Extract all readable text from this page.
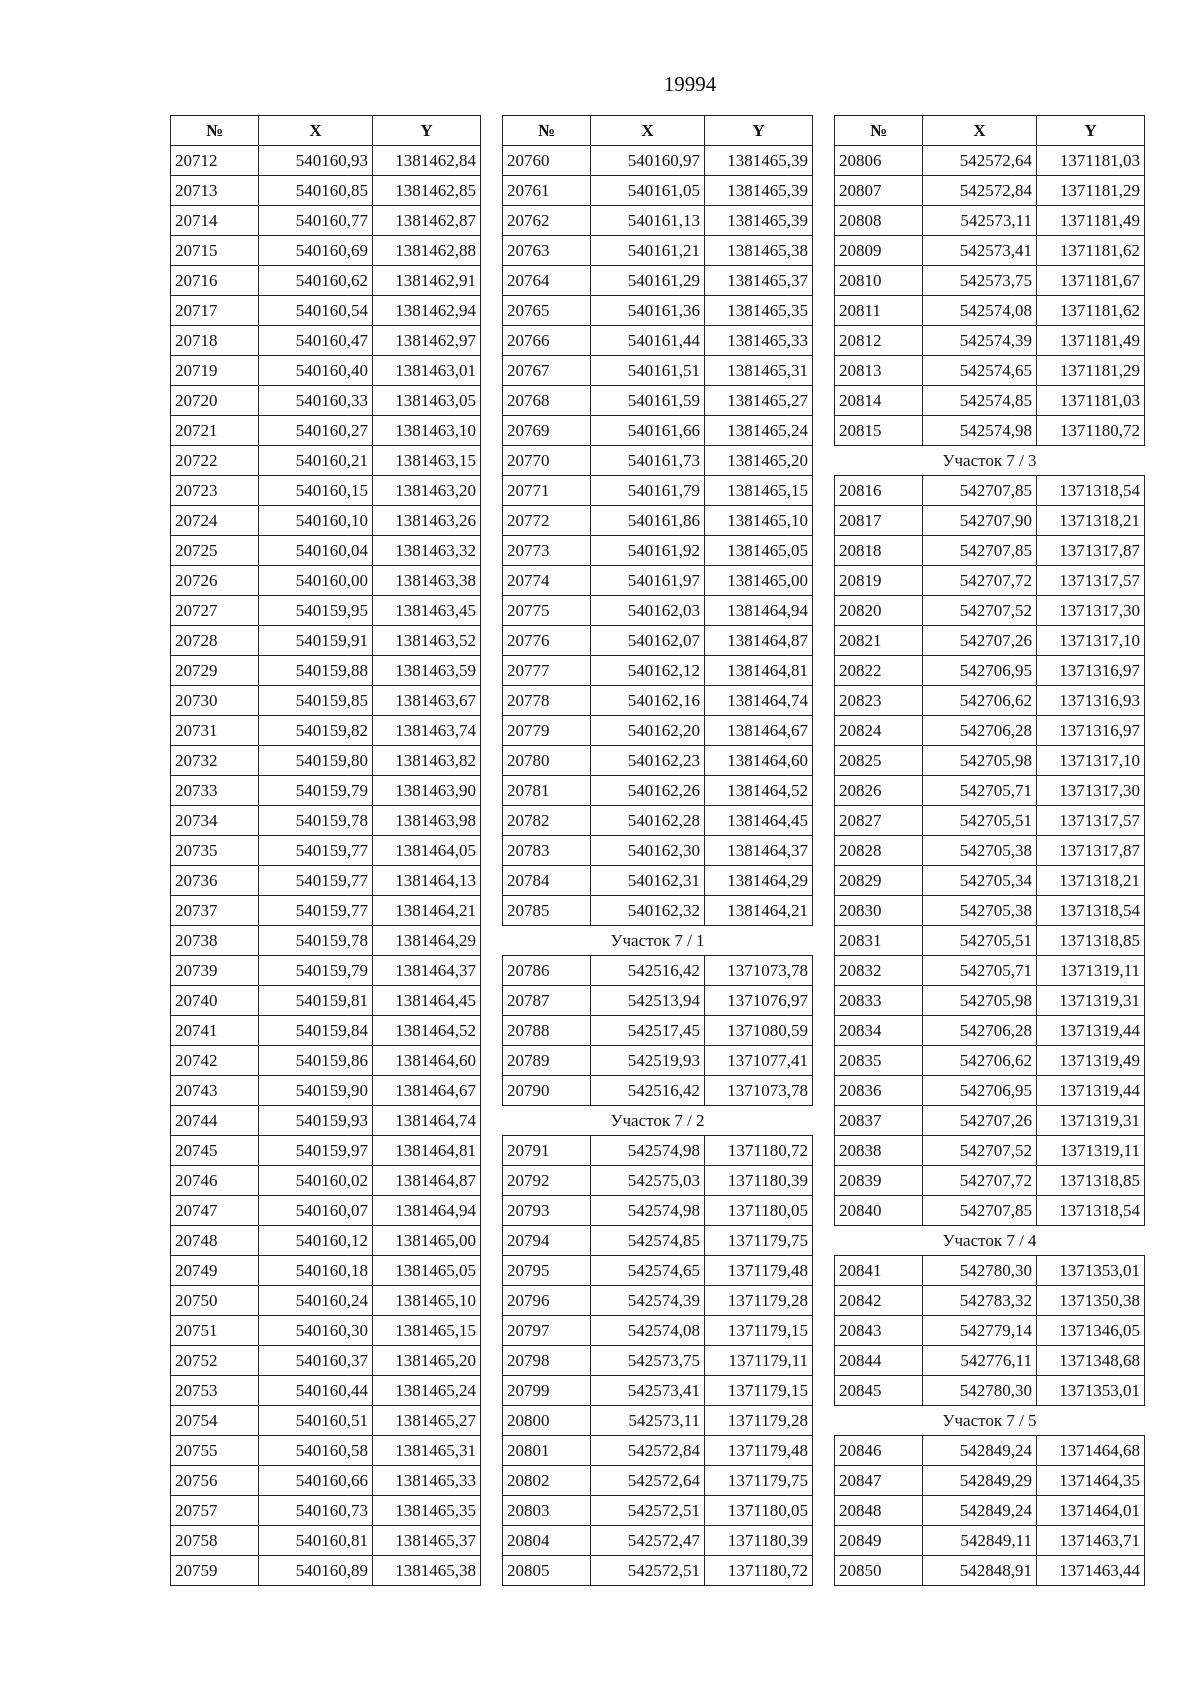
19994
№	X	Y
20712	540160,93	1381462,84
20713	540160,85	1381462,85
20714	540160,77	1381462,87
20715	540160,69	1381462,88
20716	540160,62	1381462,91
20717	540160,54	1381462,94
20718	540160,47	1381462,97
20719	540160,40	1381463,01
20720	540160,33	1381463,05
20721	540160,27	1381463,10
20722	540160,21	1381463,15
20723	540160,15	1381463,20
20724	540160,10	1381463,26
20725	540160,04	1381463,32
20726	540160,00	1381463,38
20727	540159,95	1381463,45
20728	540159,91	1381463,52
20729	540159,88	1381463,59
20730	540159,85	1381463,67
20731	540159,82	1381463,74
20732	540159,80	1381463,82
20733	540159,79	1381463,90
20734	540159,78	1381463,98
20735	540159,77	1381464,05
20736	540159,77	1381464,13
20737	540159,77	1381464,21
20738	540159,78	1381464,29
20739	540159,79	1381464,37
20740	540159,81	1381464,45
20741	540159,84	1381464,52
20742	540159,86	1381464,60
20743	540159,90	1381464,67
20744	540159,93	1381464,74
20745	540159,97	1381464,81
20746	540160,02	1381464,87
20747	540160,07	1381464,94
20748	540160,12	1381465,00
20749	540160,18	1381465,05
20750	540160,24	1381465,10
20751	540160,30	1381465,15
20752	540160,37	1381465,20
20753	540160,44	1381465,24
20754	540160,51	1381465,27
20755	540160,58	1381465,31
20756	540160,66	1381465,33
20757	540160,73	1381465,35
20758	540160,81	1381465,37
20759	540160,89	1381465,38
№	X	Y
20760	540160,97	1381465,39
20761	540161,05	1381465,39
20762	540161,13	1381465,39
20763	540161,21	1381465,38
20764	540161,29	1381465,37
20765	540161,36	1381465,35
20766	540161,44	1381465,33
20767	540161,51	1381465,31
20768	540161,59	1381465,27
20769	540161,66	1381465,24
20770	540161,73	1381465,20
20771	540161,79	1381465,15
20772	540161,86	1381465,10
20773	540161,92	1381465,05
20774	540161,97	1381465,00
20775	540162,03	1381464,94
20776	540162,07	1381464,87
20777	540162,12	1381464,81
20778	540162,16	1381464,74
20779	540162,20	1381464,67
20780	540162,23	1381464,60
20781	540162,26	1381464,52
20782	540162,28	1381464,45
20783	540162,30	1381464,37
20784	540162,31	1381464,29
20785	540162,32	1381464,21
Участок 7 / 1		
20786	542516,42	1371073,78
20787	542513,94	1371076,97
20788	542517,45	1371080,59
20789	542519,93	1371077,41
20790	542516,42	1371073,78
Участок 7 / 2		
20791	542574,98	1371180,72
20792	542575,03	1371180,39
20793	542574,98	1371180,05
20794	542574,85	1371179,75
20795	542574,65	1371179,48
20796	542574,39	1371179,28
20797	542574,08	1371179,15
20798	542573,75	1371179,11
20799	542573,41	1371179,15
20800	542573,11	1371179,28
20801	542572,84	1371179,48
20802	542572,64	1371179,75
20803	542572,51	1371180,05
20804	542572,47	1371180,39
20805	542572,51	1371180,72
№	X	Y
20806	542572,64	1371181,03
20807	542572,84	1371181,29
20808	542573,11	1371181,49
20809	542573,41	1371181,62
20810	542573,75	1371181,67
20811	542574,08	1371181,62
20812	542574,39	1371181,49
20813	542574,65	1371181,29
20814	542574,85	1371181,03
20815	542574,98	1371180,72
Участок 7 / 3		
20816	542707,85	1371318,54
20817	542707,90	1371318,21
20818	542707,85	1371317,87
20819	542707,72	1371317,57
20820	542707,52	1371317,30
20821	542707,26	1371317,10
20822	542706,95	1371316,97
20823	542706,62	1371316,93
20824	542706,28	1371316,97
20825	542705,98	1371317,10
20826	542705,71	1371317,30
20827	542705,51	1371317,57
20828	542705,38	1371317,87
20829	542705,34	1371318,21
20830	542705,38	1371318,54
20831	542705,51	1371318,85
20832	542705,71	1371319,11
20833	542705,98	1371319,31
20834	542706,28	1371319,44
20835	542706,62	1371319,49
20836	542706,95	1371319,44
20837	542707,26	1371319,31
20838	542707,52	1371319,11
20839	542707,72	1371318,85
20840	542707,85	1371318,54
Участок 7 / 4		
20841	542780,30	1371353,01
20842	542783,32	1371350,38
20843	542779,14	1371346,05
20844	542776,11	1371348,68
20845	542780,30	1371353,01
Участок 7 / 5		
20846	542849,24	1371464,68
20847	542849,29	1371464,35
20848	542849,24	1371464,01
20849	542849,11	1371463,71
20850	542848,91	1371463,44
